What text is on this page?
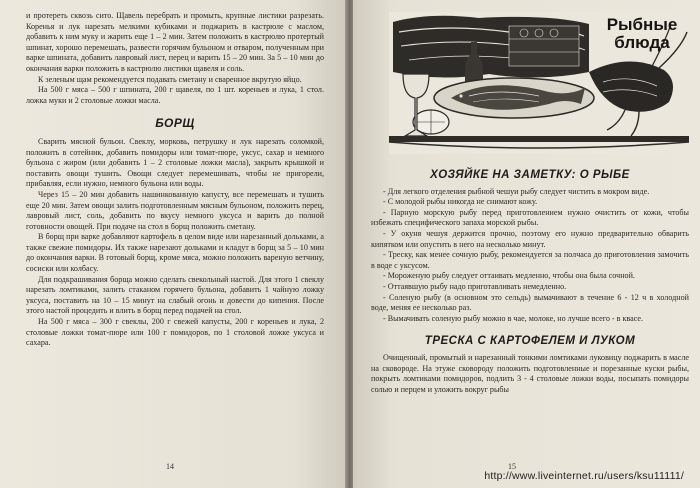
и протереть сквозь сито. Щавель перебрать и промыть, крупные листики разрезать. Коренья и лук нарезать мелкими кубиками и поджарить в кастрюле с маслом, добавить к ним муку и жарить еще 1 – 2 мин. Затем положить в кастрюлю протертый шпинат, хорошо перемешать, развести горячим бульоном и отваром, полученным при варке шпината, добавить лавровый лист, перец и варить 15 – 20 мин. За 5 – 10 мин до окончания варки положить в кастрюлю листики щавеля и соль.

К зеленым щам рекомендуется подавать сметану и сваренное вкрутую яйцо.

На 500 г мяса – 500 г шпината, 200 г щавеля, по 1 шт. кореньев и лука, 1 стол. ложка муки и 2 столовые ложки масла.

БОРЩ

Сварить мясной бульон. Свеклу, морковь, петрушку и лук нарезать соломкой, положить в сотейник, добавить помидоры или томат-пюре, уксус, сахар и немного бульона с жиром (или добавить 1 – 2 столовые ложки масла), закрыть крышкой и поставить овощи тушить. Овощи следует перемешивать, чтобы не пригорели, прибавляя, если нужно, немного бульона или воды.

Через 15 – 20 мин добавить нашинкованную капусту, все перемешать и тушить еще 20 мин. Затем овощи залить подготовленным мясным бульоном, положить перец, лавровый лист, соль, добавить по вкусу немного уксуса и варить до полной готовности овощей. При подаче на стол в борщ положить сметану.

В борщ при варке добавляют картофель в целом виде или нарезанный дольками, а также свежие помидоры. Их также нарезают дольками и кладут в борщ за 5 – 10 мин до окончания варки. В готовый борщ, кроме мяса, можно положить вареную ветчину, сосиски или колбасу.

Для подкрашивания борща можно сделать свекольный настой. Для этого 1 свеклу нарезать ломтиками, залить стаканом горячего бульона, добавить 1 чайную ложку уксуса, поставить на 10 – 15 минут на слабый огонь и довести до кипения. После этого настой процедить и влить в борщ перед подачей на стол.

На 500 г мяса – 300 г свеклы, 200 г свежей капусты, 200 г кореньев и лука, 2 столовые ложки томат-пюре или 100 г помидоров, по 1 столовой ложке уксуса и сахара.

14
Рыбные
блюда
ХОЗЯЙКЕ НА ЗАМЕТКУ: О РЫБЕ

- Для легкого отделения рыбной чешуи рыбу следует чистить в мокром виде.

- С молодой рыбы никогда не снимают кожу.

- Парную морскую рыбу перед приготовлением нужно очистить от кожи, чтобы избежать специфического запаха морской рыбы.

- У окуня чешуя держится прочно, поэтому его нужно предварительно обварить кипятком или опустить в него на несколько минут.

- Треску, как менее сочную рыбу, рекомендуется за полчаса до приготовления замочить в воде с уксусом.

- Мороженую рыбу следует оттаивать медленно, чтобы она была сочной.

- Оттаявшую рыбу надо приготавливать немедленно.

- Соленую рыбу (в основном это сельдь) вымачивают в течение 6 - 12 ч в холодной воде, меняя ее несколько раз.

- Вымачивать соленую рыбу можно в чае, молоке, но лучше всего - в квасе.

ТРЕСКА С КАРТОФЕЛЕМ И ЛУКОМ

Очищенный, промытый и нарезанный тонкими ломтиками луковицу поджарить в масле на сковороде. На этуже сковороду положить подготовленные и порезанные куски рыбы, покрыть ломтиками помидоров, подлить 3 - 4 столовые ложки воды, посыпать помидоры солью и перцем и уложить вокруг рыбы

15
http://www.liveinternet.ru/users/ksu11111/
